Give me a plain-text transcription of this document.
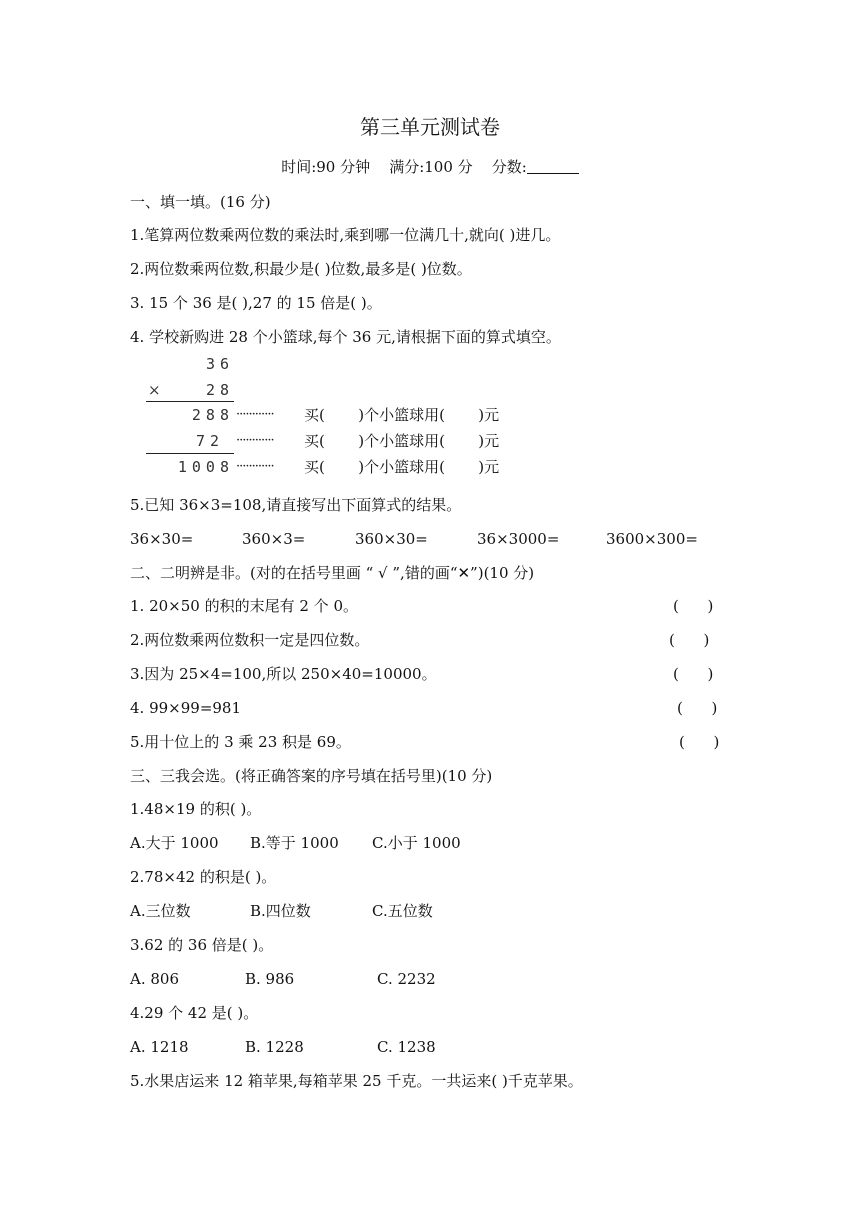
第三单元测试卷
时间:90 分钟 满分:100 分 分数:
一、填一填。(16 分)
1.笔算两位数乘两位数的乘法时,乘到哪一位满几十,就向( )进几。
2.两位数乘两位数,积最少是( )位数,最多是( )位数。
3. 15 个 36 是( ),27 的 15 倍是( )。
4. 学校新购进 28 个小篮球,每个 36 元,请根据下面的算式填空。
36
×	28
288 ············ 买(       )个小篮球用(       )元
72 ············ 买(       )个小篮球用(       )元
1008 ············ 买(       )个小篮球用(       )元
5.已知 36×3=108,请直接写出下面算式的结果。
36×30=	360×3=	360×30=	36×3000=	3600×300=
二、二明辨是非。(对的在括号里画 “ √ ”,错的画“✕”)(10 分)
1. 20×50 的积的末尾有 2 个 0。	(      )
2.两位数乘两位数积一定是四位数。	(      )
3.因为 25×4=100,所以 250×40=10000。	(      )
4. 99×99=981	(      )
5.用十位上的 3 乘 23 积是 69。	(      )
三、三我会选。(将正确答案的序号填在括号里)(10 分)
1.48×19 的积( )。
A.大于 1000 B.等于 1000 C.小于 1000
2.78×42 的积是( )。
A.三位数	B.四位数	C.五位数
3.62 的 36 倍是( )。
A. 806	B. 986	C. 2232
4.29 个 42 是( )。
A. 1218	B. 1228	C. 1238
5.水果店运来 12 箱苹果,每箱苹果 25 千克。一共运来( )千克苹果。
